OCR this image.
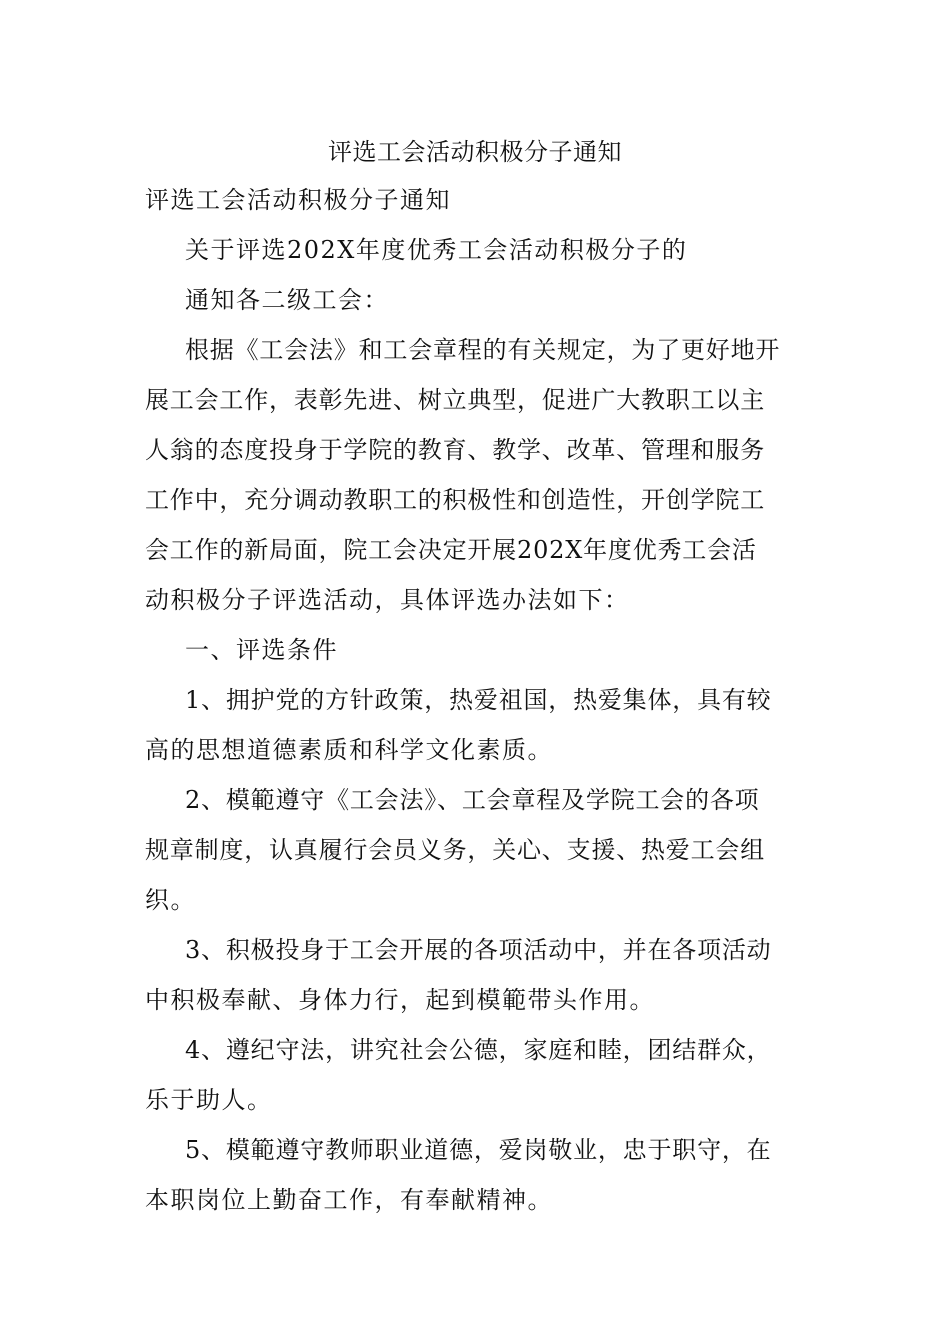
评选工会活动积极分子通知
评选工会活动积极分子通知
关于评选202X年度优秀工会活动积极分子的
通知各二级工会：
根据《工会法》和工会章程的有关规定，为了更好地开
展工会工作，表彰先进、树立典型，促进广大教职工以主
人翁的态度投身于学院的教育、教学、改革、管理和服务
工作中，充分调动教职工的积极性和创造性，开创学院工
会工作的新局面，院工会决定开展202X年度优秀工会活
动积极分子评选活动，具体评选办法如下：
一、评选条件
1、拥护党的方针政策，热爱祖国，热爱集体，具有较
高的思想道德素质和科学文化素质。
2、模範遵守《工会法》、工会章程及学院工会的各项
规章制度，认真履行会员义务，关心、支援、热爱工会组
织。
3、积极投身于工会开展的各项活动中，并在各项活动
中积极奉献、身体力行，起到模範带头作用。
4、遵纪守法，讲究社会公德，家庭和睦，团结群众，
乐于助人。
5、模範遵守教师职业道德，爱岗敬业，忠于职守，在
本职岗位上勤奋工作，有奉献精神。
